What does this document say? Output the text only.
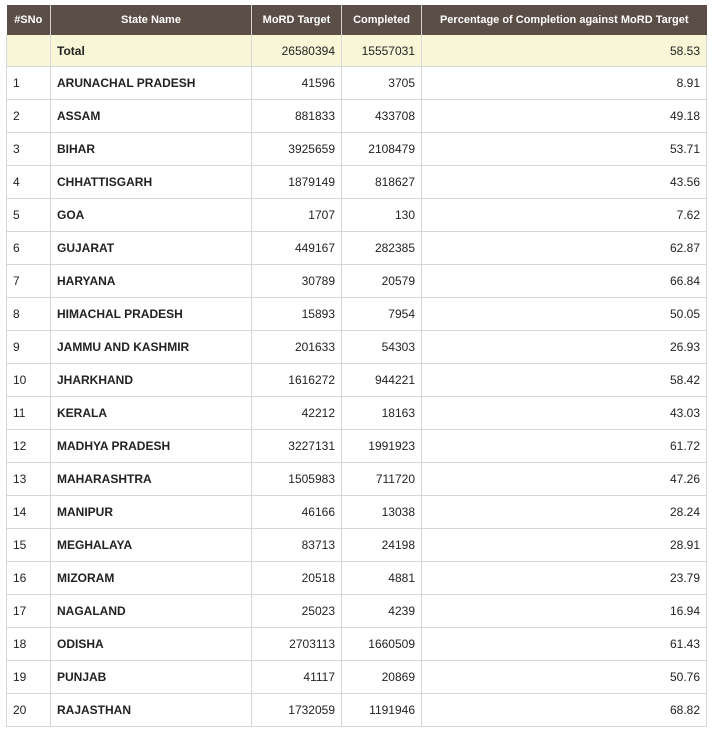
#SNo	State Name	MoRD Target	Completed	Percentage of Completion against MoRD Target
	Total	26580394	15557031	58.53
1	ARUNACHAL PRADESH	41596	3705	8.91
2	ASSAM	881833	433708	49.18
3	BIHAR	3925659	2108479	53.71
4	CHHATTISGARH	1879149	818627	43.56
5	GOA	1707	130	7.62
6	GUJARAT	449167	282385	62.87
7	HARYANA	30789	20579	66.84
8	HIMACHAL PRADESH	15893	7954	50.05
9	JAMMU AND KASHMIR	201633	54303	26.93
10	JHARKHAND	1616272	944221	58.42
11	KERALA	42212	18163	43.03
12	MADHYA PRADESH	3227131	1991923	61.72
13	MAHARASHTRA	1505983	711720	47.26
14	MANIPUR	46166	13038	28.24
15	MEGHALAYA	83713	24198	28.91
16	MIZORAM	20518	4881	23.79
17	NAGALAND	25023	4239	16.94
18	ODISHA	2703113	1660509	61.43
19	PUNJAB	41117	20869	50.76
20	RAJASTHAN	1732059	1191946	68.82
